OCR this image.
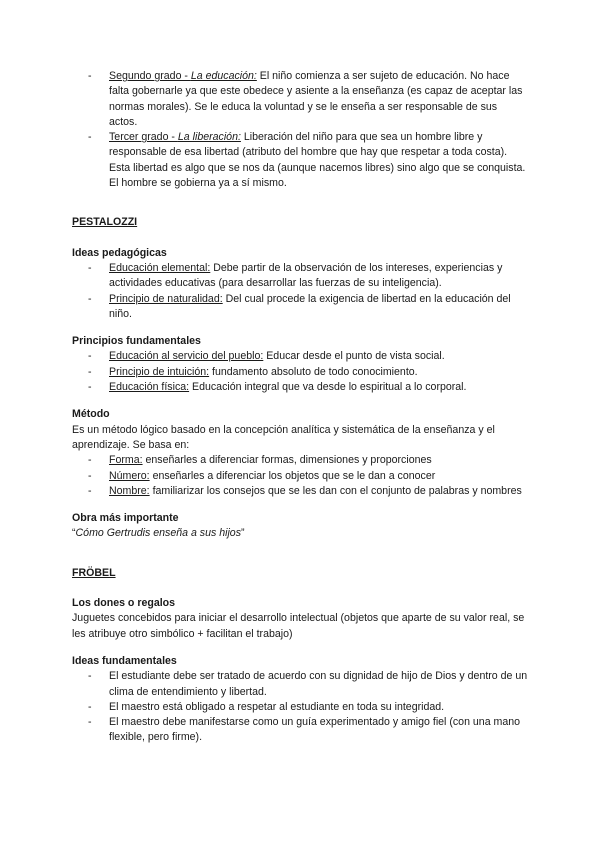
- Segundo grado - La educación: El niño comienza a ser sujeto de educación. No hace falta gobernarle ya que este obedece y asiente a la enseñanza (es capaz de aceptar las normas morales). Se le educa la voluntad y se le enseña a ser responsable de sus actos.
- Tercer grado - La liberación: Liberación del niño para que sea un hombre libre y responsable de esa libertad (atributo del hombre que hay que respetar a toda costa). Esta libertad es algo que se nos da (aunque nacemos libres) sino algo que se conquista. El hombre se gobierna ya a sí mismo.

PESTALOZZI

Ideas pedagógicas

- Educación elemental: Debe partir de la observación de los intereses, experiencias y actividades educativas (para desarrollar las fuerzas de su inteligencia).
- Principio de naturalidad: Del cual procede la exigencia de libertad en la educación del niño.

Principios fundamentales

- Educación al servicio del pueblo: Educar desde el punto de vista social.
- Principio de intuición: fundamento absoluto de todo conocimiento.
- Educación física: Educación integral que va desde lo espiritual a lo corporal.

Método

Es un método lógico basado en la concepción analítica y sistemática de la enseñanza y el aprendizaje. Se basa en:

- Forma: enseñarles a diferenciar formas, dimensiones y proporciones
- Número: enseñarles a diferenciar los objetos que se le dan a conocer
- Nombre: familiarizar los consejos que se les dan con el conjunto de palabras y nombres

Obra más importante

“Cómo Gertrudis enseña a sus hijos”

FRÖBEL

Los dones o regalos

Juguetes concebidos para iniciar el desarrollo intelectual (objetos que aparte de su valor real, se les atribuye otro simbólico + facilitan el trabajo)

Ideas fundamentales

- El estudiante debe ser tratado de acuerdo con su dignidad de hijo de Dios y dentro de un clima de entendimiento y libertad.
- El maestro está obligado a respetar al estudiante en toda su integridad.
- El maestro debe manifestarse como un guía experimentado y amigo fiel (con una mano flexible, pero firme).
